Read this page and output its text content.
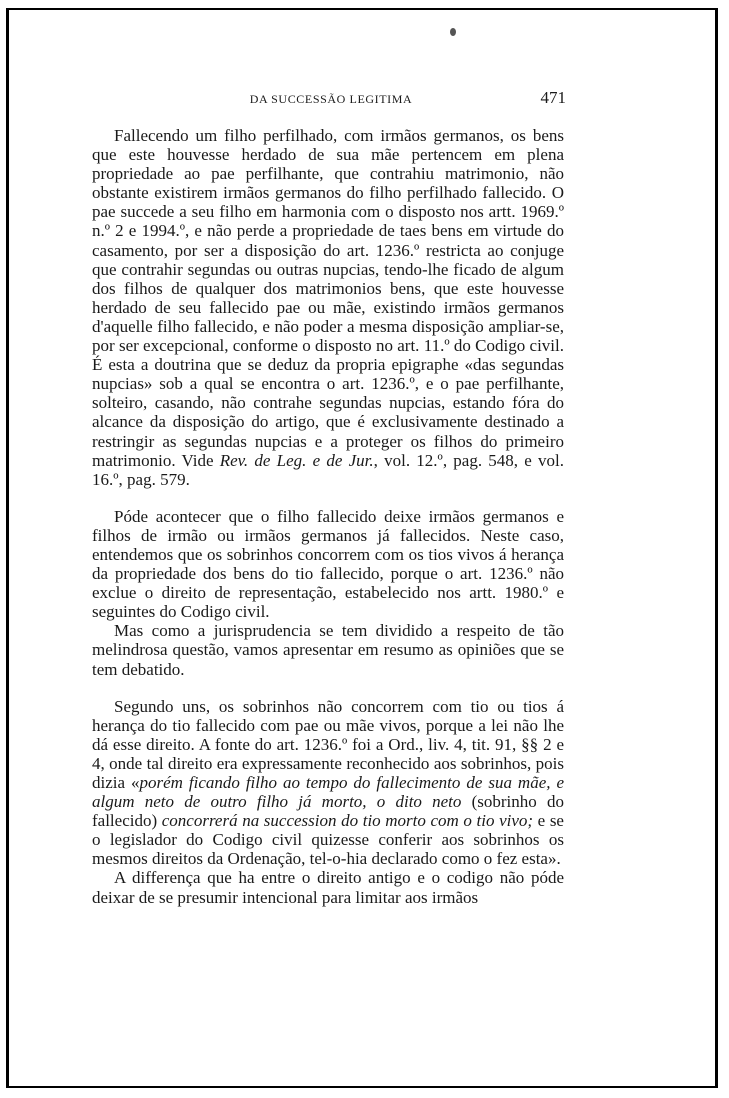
DA SUCCESSÃO LEGITIMA	471

Fallecendo um filho perfilhado, com irmãos germanos, os bens que este houvesse herdado de sua mãe pertencem em plena propriedade ao pae perfilhante, que contrahiu matrimonio, não obstante existirem irmãos germanos do filho perfilhado fallecido. O pae succede a seu filho em harmonia com o disposto nos artt. 1969.º n.º 2 e 1994.º, e não perde a propriedade de taes bens em virtude do casamento, por ser a disposição do art. 1236.º restricta ao conjuge que contrahir segundas ou outras nupcias, tendo-lhe ficado de algum dos filhos de qualquer dos matrimonios bens, que este houvesse herdado de seu fallecido pae ou mãe, existindo irmãos germanos d'aquelle filho fallecido, e não poder a mesma disposição ampliar-se, por ser excepcional, conforme o disposto no art. 11.º do Codigo civil. É esta a doutrina que se deduz da propria epigraphe «das segundas nupcias» sob a qual se encontra o art. 1236.º, e o pae perfilhante, solteiro, casando, não contrahe segundas nupcias, estando fóra do alcance da disposição do artigo, que é exclusivamente destinado a restringir as segundas nupcias e a proteger os filhos do primeiro matrimonio. Vide Rev. de Leg. e de Jur., vol. 12.º, pag. 548, e vol. 16.º, pag. 579.

Póde acontecer que o filho fallecido deixe irmãos germanos e filhos de irmão ou irmãos germanos já fallecidos. Neste caso, entendemos que os sobrinhos concorrem com os tios vivos á herança da propriedade dos bens do tio fallecido, porque o art. 1236.º não exclue o direito de representação, estabelecido nos artt. 1980.º e seguintes do Codigo civil.

Mas como a jurisprudencia se tem dividido a respeito de tão melindrosa questão, vamos apresentar em resumo as opiniões que se tem debatido.

Segundo uns, os sobrinhos não concorrem com tio ou tios á herança do tio fallecido com pae ou mãe vivos, porque a lei não lhe dá esse direito. A fonte do art. 1236.º foi a Ord., liv. 4, tit. 91, §§ 2 e 4, onde tal direito era expressamente reconhecido aos sobrinhos, pois dizia «porém ficando filho ao tempo do fallecimento de sua mãe, e algum neto de outro filho já morto, o dito neto (sobrinho do fallecido) concorrerá na succession do tio morto com o tio vivo; e se o legislador do Codigo civil quizesse conferir aos sobrinhos os mesmos direitos da Ordenação, tel-o-hia declarado como o fez esta».

A differença que ha entre o direito antigo e o codigo não póde deixar de se presumir intencional para limitar aos irmãos
